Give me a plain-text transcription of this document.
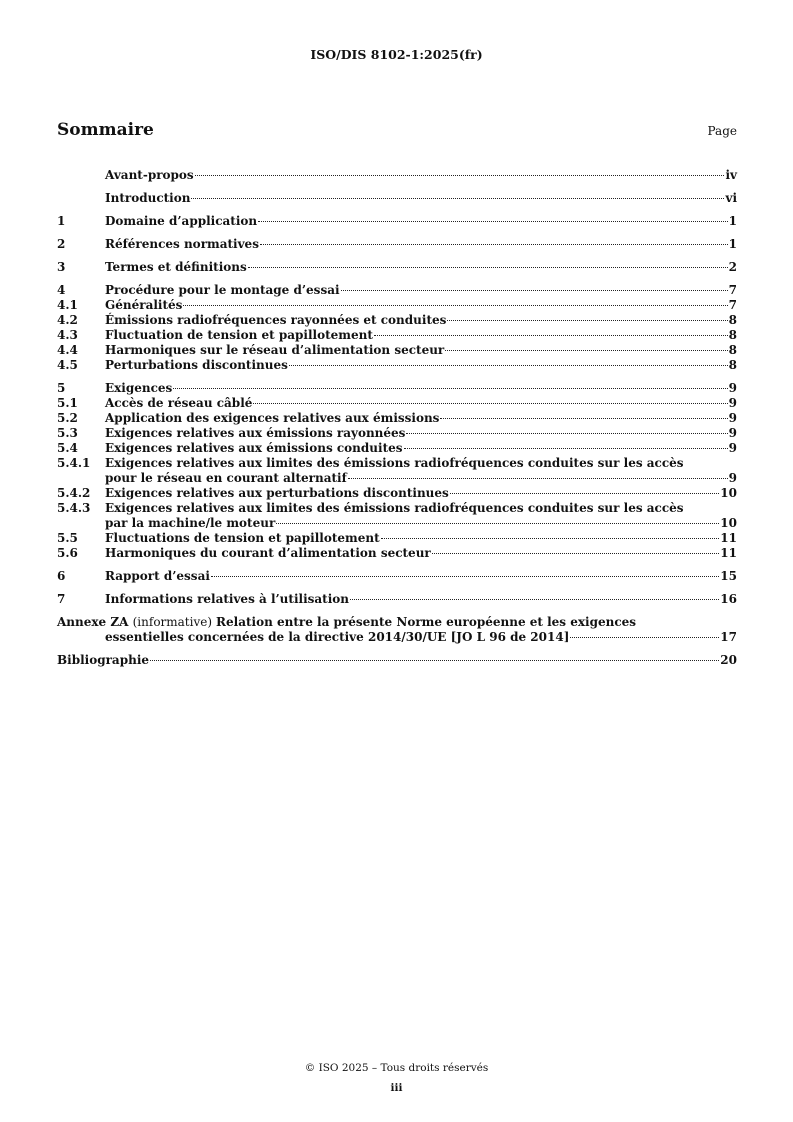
ISO/DIS 8102-1:2025(fr)
Sommaire	Page
Avant-propos	iv
Introduction	vi
1	Domaine d’application	1
2	Références normatives	1
3	Termes et définitions	2
4	Procédure pour le montage d’essai	7
4.1	Généralités	7
4.2	Émissions radiofréquences rayonnées et conduites	8
4.3	Fluctuation de tension et papillotement	8
4.4	Harmoniques sur le réseau d’alimentation secteur	8
4.5	Perturbations discontinues	8
5	Exigences	9
5.1	Accès de réseau câblé	9
5.2	Application des exigences relatives aux émissions	9
5.3	Exigences relatives aux émissions rayonnées	9
5.4	Exigences relatives aux émissions conduites	9
5.4.1	Exigences relatives aux limites des émissions radiofréquences conduites sur les accès
pour le réseau en courant alternatif	9
5.4.2	Exigences relatives aux perturbations discontinues	10
5.4.3	Exigences relatives aux limites des émissions radiofréquences conduites sur les accès
par la machine/le moteur	10
5.5	Fluctuations de tension et papillotement	11
5.6	Harmoniques du courant d’alimentation secteur	11
6	Rapport d’essai	15
7	Informations relatives à l’utilisation	16
Annexe ZA (informative) Relation entre la présente Norme européenne et les exigences
essentielles concernées de la directive 2014/30/UE [JO L 96 de 2014]	17
Bibliographie	20
© ISO 2025 – Tous droits réservés
iii
